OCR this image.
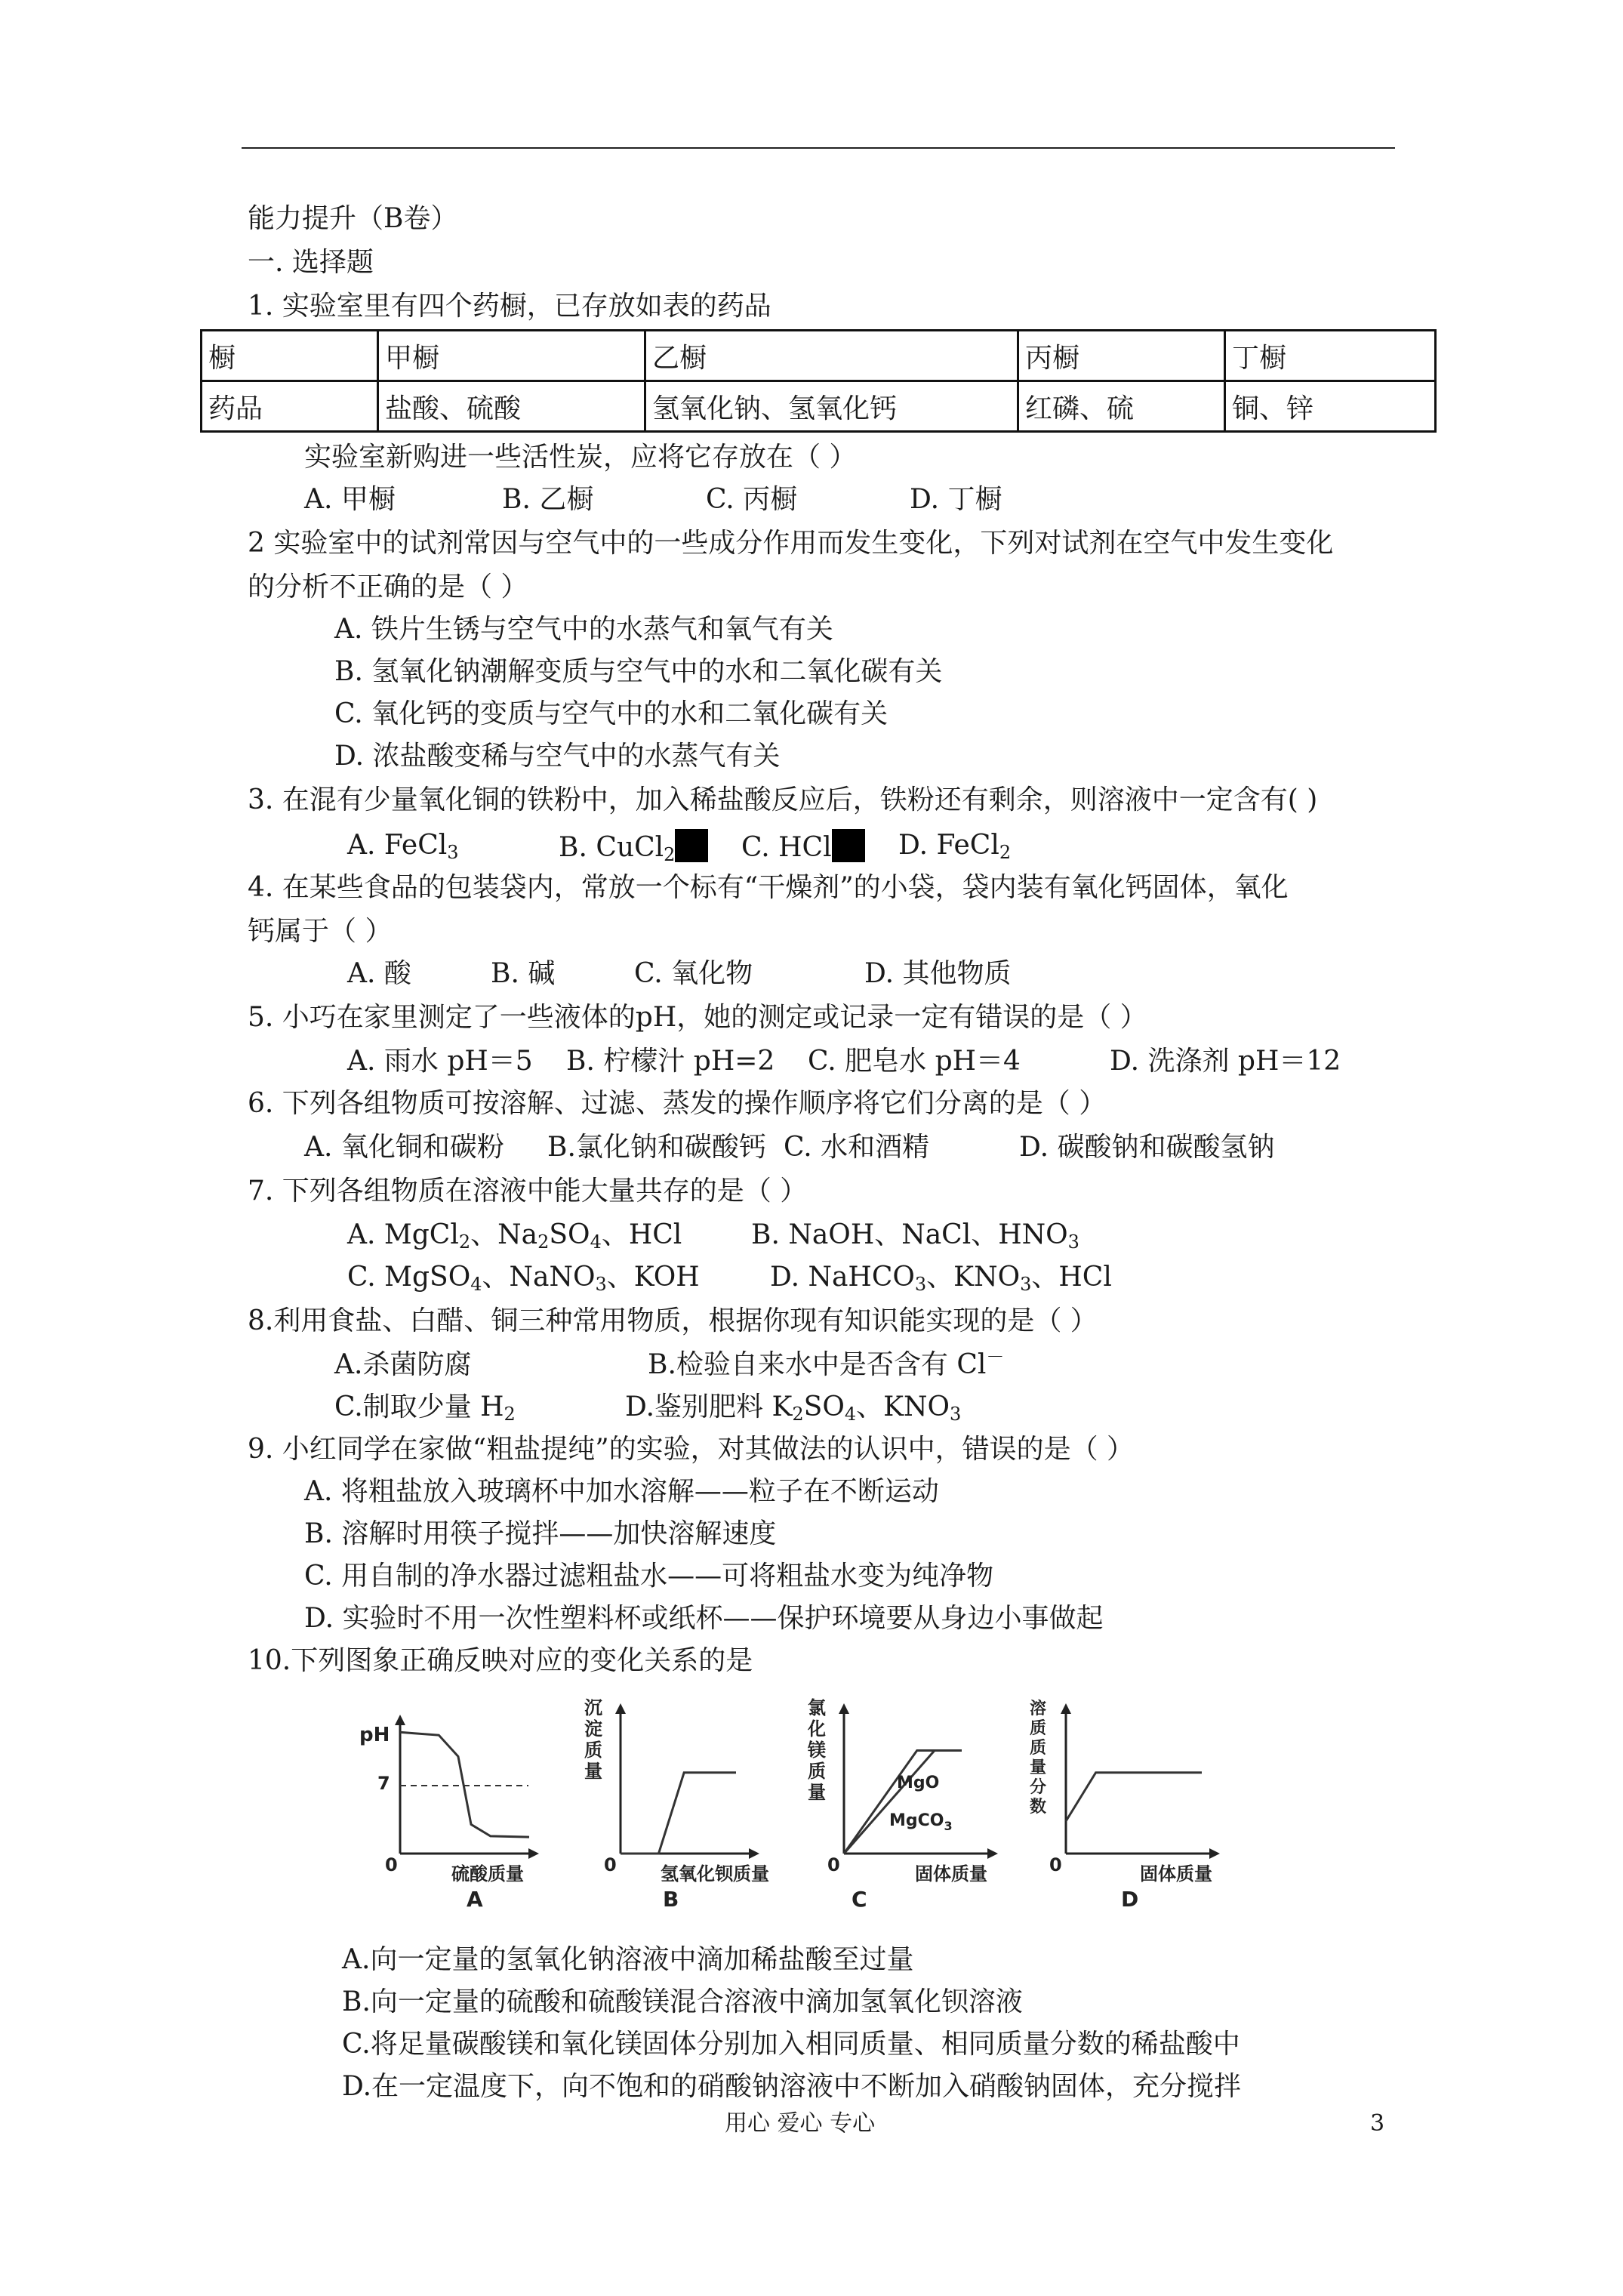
能力提升（B卷）
一. 选择题
1. 实验室里有四个药橱，已存放如表的药品
橱	甲橱	乙橱	丙橱	丁橱
药品	盐酸、硫酸	氢氧化钠、氢氧化钙	红磷、硫	铜、锌
实验室新购进一些活性炭，应将它存放在（ ）
A. 甲橱	B. 乙橱	C. 丙橱	D. 丁橱
2 实验室中的试剂常因与空气中的一些成分作用而发生变化，下列对试剂在空气中发生变化
的分析不正确的是（ ）
A. 铁片生锈与空气中的水蒸气和氧气有关
B. 氢氧化钠潮解变质与空气中的水和二氧化碳有关
C. 氧化钙的变质与空气中的水和二氧化碳有关
D. 浓盐酸变稀与空气中的水蒸气有关
3. 在混有少量氧化铜的铁粉中，加入稀盐酸反应后，铁粉还有剩余，则溶液中一定含有( )
A. FeCl$_3$	B. CuCl$_2$	C. HCl	D. FeCl$_2$
4. 在某些食品的包装袋内，常放一个标有“干燥剂”的小袋，袋内装有氧化钙固体，氧化
钙属于（ ）
A. 酸	B. 碱	C. 氧化物	D. 其他物质
5. 小巧在家里测定了一些液体的pH，她的测定或记录一定有错误的是（ ）
A. 雨水 pH＝5 B. 柠檬汁 pH=2 C. 肥皂水 pH＝4	D. 洗涤剂 pH＝12
6. 下列各组物质可按溶解、过滤、蒸发的操作顺序将它们分离的是（ ）
A. 氧化铜和碳粉 B.氯化钠和碳酸钙 C. 水和酒精	D. 碳酸钠和碳酸氢钠
7. 下列各组物质在溶液中能大量共存的是（ ）
A. MgCl$_2$、$Na_2SO_4$、HCl	B. NaOH、NaCl、$HNO_3$
C. MgSO$_4$、NaNO$_3$、KOH	D. NaHCO$_3$、$KNO_3$、HCl
8.利用食盐、白醋、铜三种常用物质，根据你现有知识能实现的是（ ）
A.杀菌防腐	B.检验自来水中是否含有 Cl－
C.制取少量 $H_2$	D.鉴别肥料 $K_2SO_4$、$KNO_3$
9. 小红同学在家做“粗盐提纯”的实验，对其做法的认识中，错误的是（ ）
A. 将粗盐放入玻璃杯中加水溶解——粒子在不断运动
B. 溶解时用筷子搅拌——加快溶解速度
C. 用自制的净水器过滤粗盐水——可将粗盐水变为纯净物
D. 实验时不用一次性塑料杯或纸杯——保护环境要从身边小事做起
10.下列图象正确反映对应的变化关系的是
pH
7
0	硫酸质量
A
0 氢氧化钡质量
B
沉淀质量
0	固体质量
C
氯化镁质量	MgO
MgCO$_3$
0	固体质量
D
溶质质量分数
A.向一定量的氢氧化钠溶液中滴加稀盐酸至过量
B.向一定量的硫酸和硫酸镁混合溶液中滴加氢氧化钡溶液
C.将足量碳酸镁和氧化镁固体分别加入相同质量、相同质量分数的稀盐酸中
D.在一定温度下，向不饱和的硝酸钠溶液中不断加入硝酸钠固体，充分搅拌
用心 爱心 专心	3
